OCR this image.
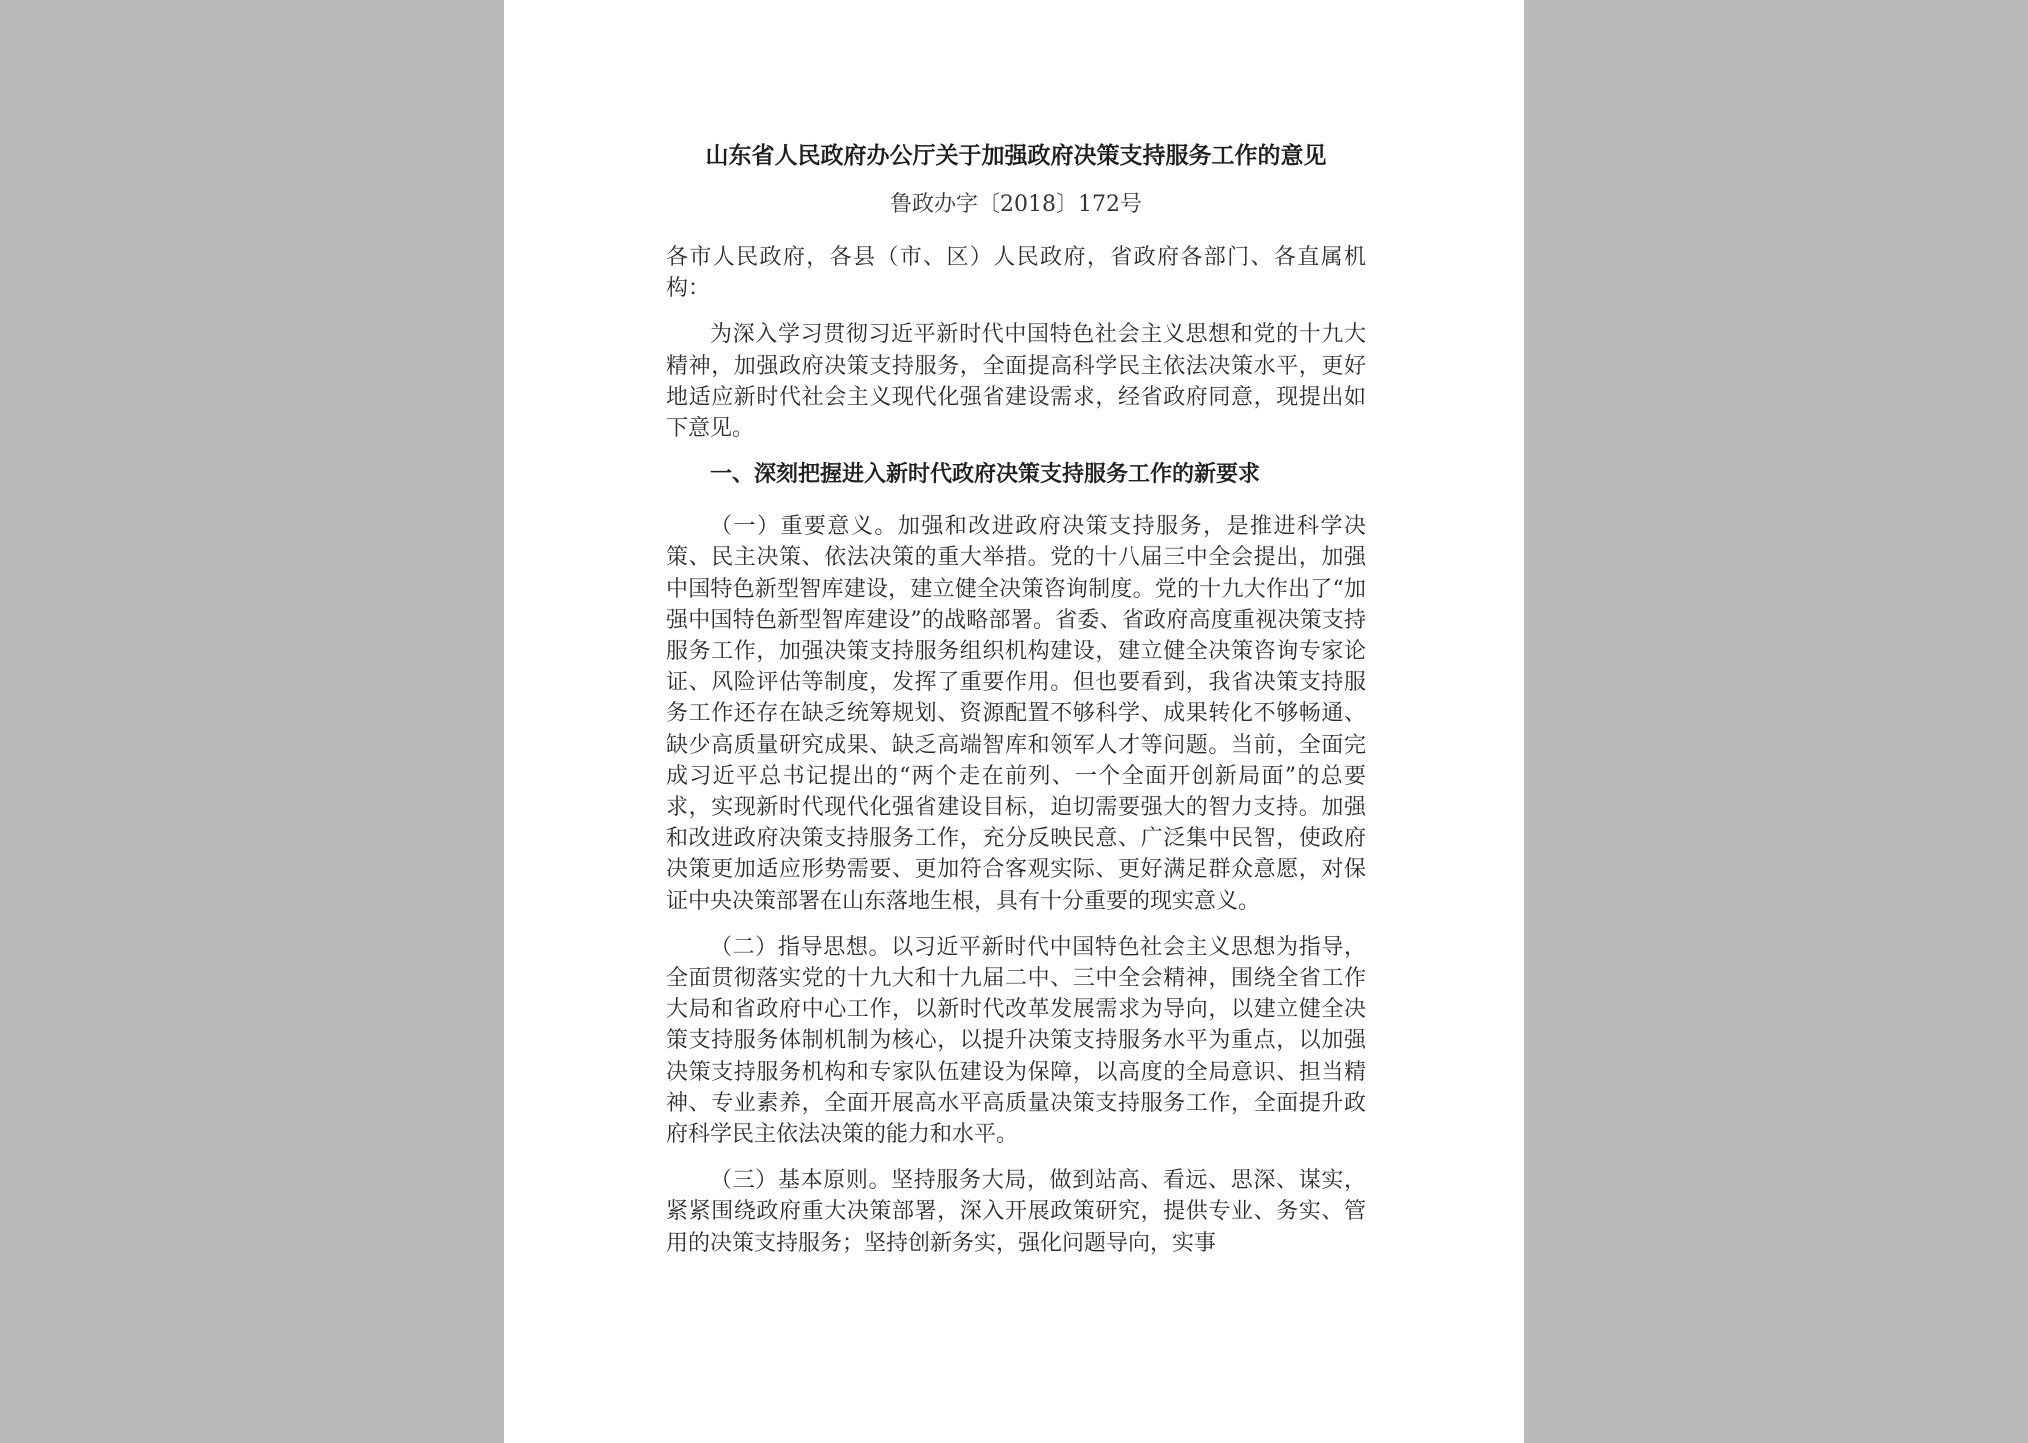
山东省人民政府办公厅关于加强政府决策支持服务工作的意见
鲁政办字〔2018〕172号

各市人民政府，各县（市、区）人民政府，省政府各部门、各直属机构：

为深入学习贯彻习近平新时代中国特色社会主义思想和党的十九大精神，加强政府决策支持服务，全面提高科学民主依法决策水平，更好地适应新时代社会主义现代化强省建设需求，经省政府同意，现提出如下意见。

一、深刻把握进入新时代政府决策支持服务工作的新要求

（一）重要意义。加强和改进政府决策支持服务，是推进科学决策、民主决策、依法决策的重大举措。党的十八届三中全会提出，加强中国特色新型智库建设，建立健全决策咨询制度。党的十九大作出了“加强中国特色新型智库建设”的战略部署。省委、省政府高度重视决策支持服务工作，加强决策支持服务组织机构建设，建立健全决策咨询专家论证、风险评估等制度，发挥了重要作用。但也要看到，我省决策支持服务工作还存在缺乏统筹规划、资源配置不够科学、成果转化不够畅通、缺少高质量研究成果、缺乏高端智库和领军人才等问题。当前，全面完成习近平总书记提出的“两个走在前列、一个全面开创新局面”的总要求，实现新时代现代化强省建设目标，迫切需要强大的智力支持。加强和改进政府决策支持服务工作，充分反映民意、广泛集中民智，使政府决策更加适应形势需要、更加符合客观实际、更好满足群众意愿，对保证中央决策部署在山东落地生根，具有十分重要的现实意义。

（二）指导思想。以习近平新时代中国特色社会主义思想为指导，全面贯彻落实党的十九大和十九届二中、三中全会精神，围绕全省工作大局和省政府中心工作，以新时代改革发展需求为导向，以建立健全决策支持服务体制机制为核心，以提升决策支持服务水平为重点，以加强决策支持服务机构和专家队伍建设为保障，以高度的全局意识、担当精神、专业素养，全面开展高水平高质量决策支持服务工作，全面提升政府科学民主依法决策的能力和水平。

（三）基本原则。坚持服务大局，做到站高、看远、思深、谋实，紧紧围绕政府重大决策部署，深入开展政策研究，提供专业、务实、管用的决策支持服务；坚持创新务实，强化问题导向，实事
